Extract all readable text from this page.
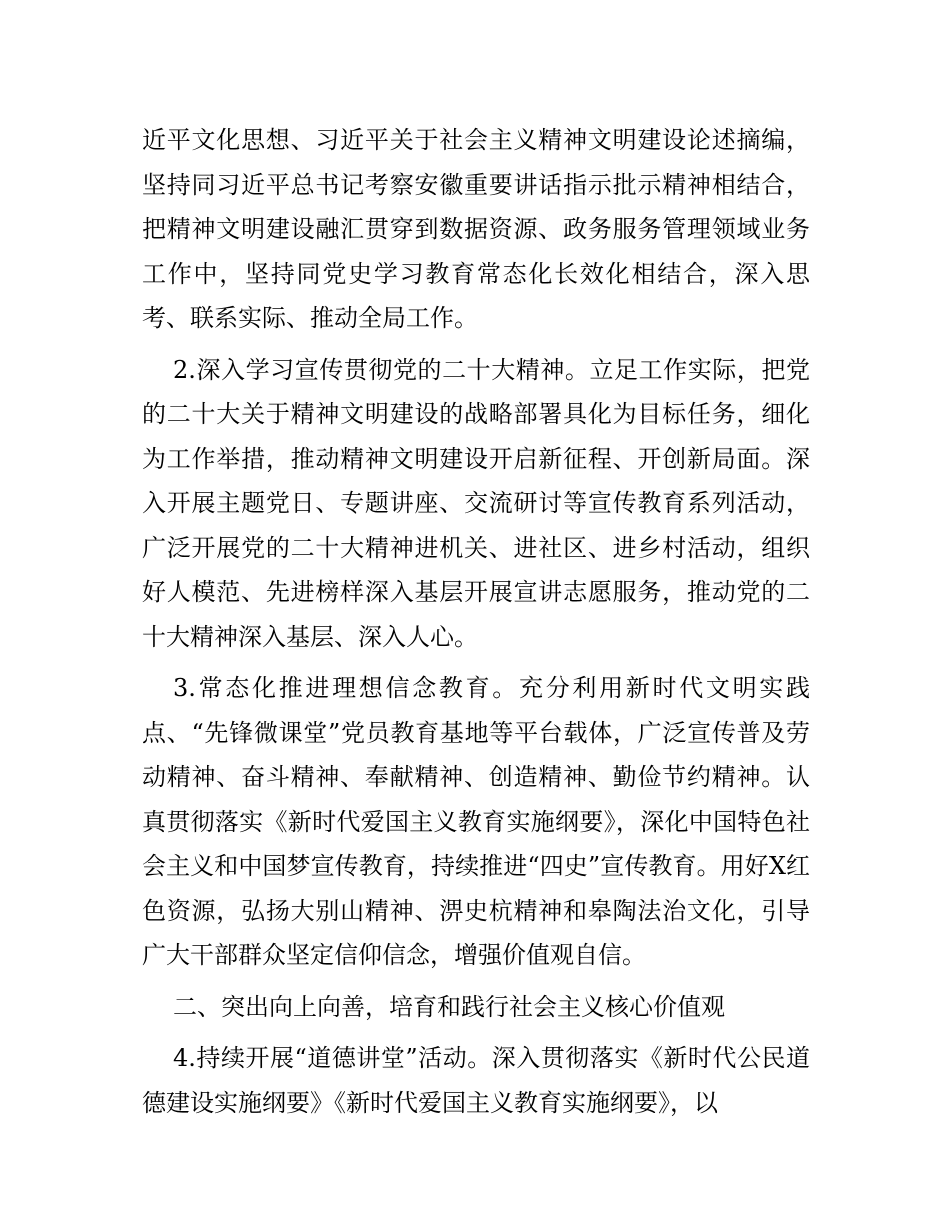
近平文化思想、习近平关于社会主义精神文明建设论述摘编，坚持同习近平总书记考察安徽重要讲话指示批示精神相结合，把精神文明建设融汇贯穿到数据资源、政务服务管理领域业务工作中，坚持同党史学习教育常态化长效化相结合，深入思考、联系实际、推动全局工作。

2.深入学习宣传贯彻党的二十大精神。立足工作实际，把党的二十大关于精神文明建设的战略部署具化为目标任务，细化为工作举措，推动精神文明建设开启新征程、开创新局面。深入开展主题党日、专题讲座、交流研讨等宣传教育系列活动，广泛开展党的二十大精神进机关、进社区、进乡村活动，组织好人模范、先进榜样深入基层开展宣讲志愿服务，推动党的二十大精神深入基层、深入人心。

3.常态化推进理想信念教育。充分利用新时代文明实践点、“先锋微课堂”党员教育基地等平台载体，广泛宣传普及劳动精神、奋斗精神、奉献精神、创造精神、勤俭节约精神。认真贯彻落实《新时代爱国主义教育实施纲要》，深化中国特色社会主义和中国梦宣传教育，持续推进“四史”宣传教育。用好X红色资源，弘扬大别山精神、淠史杭精神和皋陶法治文化，引导广大干部群众坚定信仰信念，增强价值观自信。

二、突出向上向善，培育和践行社会主义核心价值观

4.持续开展“道德讲堂”活动。深入贯彻落实《新时代公民道德建设实施纲要》《新时代爱国主义教育实施纲要》，以
